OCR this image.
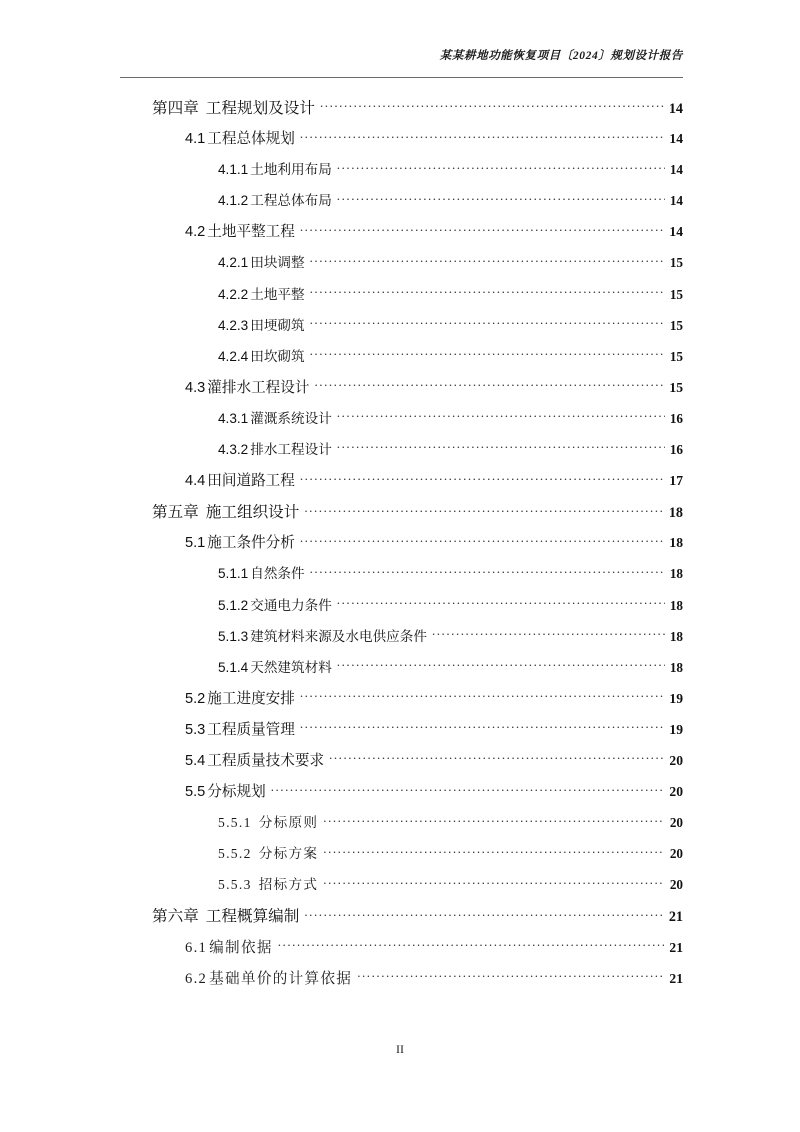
某某耕地功能恢复项目〔2024〕规划设计报告
第四章 工程规划及设计 .....	14
4.1 工程总体规划 .....	14
4.1.1 土地利用布局 .....	14
4.1.2 工程总体布局 .....	14
4.2 土地平整工程 .....	14
4.2.1 田块调整 .....	15
4.2.2 土地平整 .....	15
4.2.3 田埂砌筑 .....	15
4.2.4 田坎砌筑 .....	15
4.3 灌排水工程设计 .....	15
4.3.1 灌溉系统设计 .....	16
4.3.2 排水工程设计 .....	16
4.4 田间道路工程 .....	17
第五章 施工组织设计 .....	18
5.1 施工条件分析 .....	18
5.1.1 自然条件 .....	18
5.1.2 交通电力条件 .....	18
5.1.3 建筑材料来源及水电供应条件 .....	18
5.1.4 天然建筑材料 .....	18
5.2 施工进度安排 .....	19
5.3 工程质量管理 .....	19
5.4 工程质量技术要求 .....	20
5.5 分标规划 .....	20
5.5.1 分标原则 .....	20
5.5.2 分标方案 .....	20
5.5.3 招标方式 .....	20
第六章 工程概算编制 .....	21
6.1 编制依据 .....	21
6.2 基础单价的计算依据 .....	21
II
